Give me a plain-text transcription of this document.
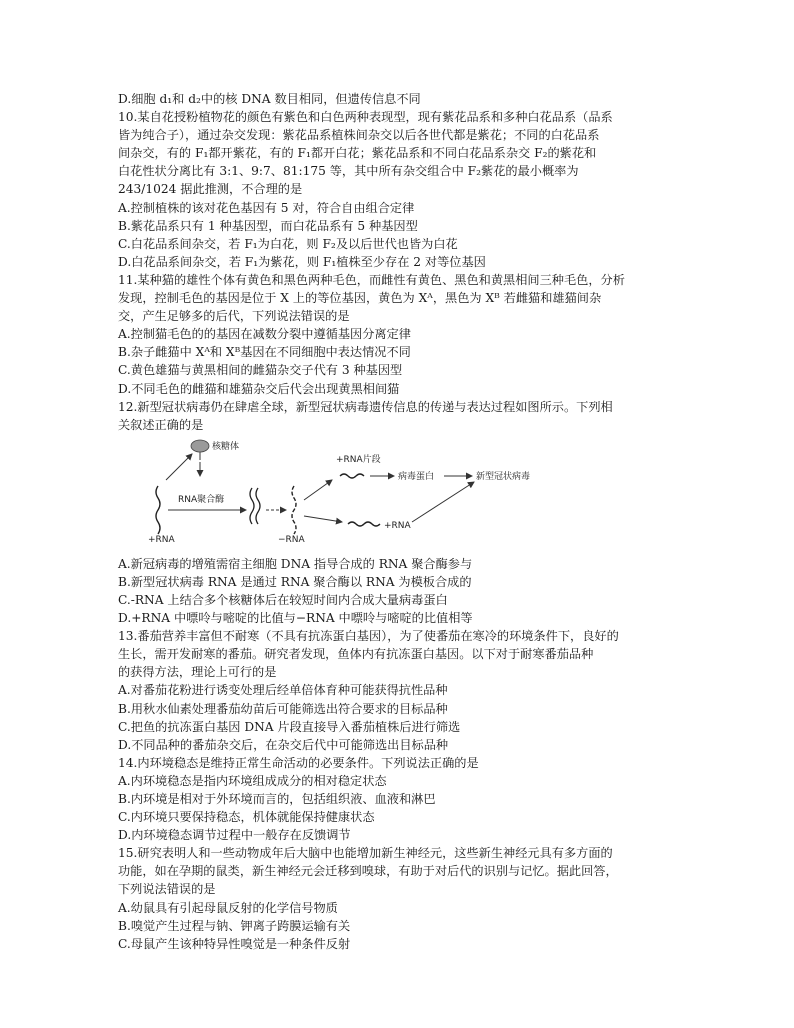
D.细胞 d₁和 d₂中的核 DNA 数目相同，但遗传信息不同
10.某自花授粉植物花的颜色有紫色和白色两种表现型，现有紫花品系和多种白花品系（品系
皆为纯合子），通过杂交发现：紫花品系植株间杂交以后各世代都是紫花；不同的白花品系
间杂交，有的 F₁都开紫花，有的 F₁都开白花；紫花品系和不同白花品系杂交 F₂的紫花和
白花性状分离比有 3:1、9:7、81:175 等，其中所有杂交组合中 F₂紫花的最小概率为
243/1024 据此推测，不合理的是
A.控制植株的该对花色基因有 5 对，符合自由组合定律
B.紫花品系只有 1 种基因型，而白花品系有 5 种基因型
C.白花品系间杂交，若 F₁为白花，则 F₂及以后世代也皆为白花
D.白花品系间杂交，若 F₁为紫花，则 F₁植株至少存在 2 对等位基因
11.某种猫的雄性个体有黄色和黑色两种毛色，而雌性有黄色、黑色和黄黑相间三种毛色，分析
发现，控制毛色的基因是位于 X 上的等位基因，黄色为 Xᴬ，黑色为 Xᴮ 若雌猫和雄猫间杂
交，产生足够多的后代，下列说法错误的是
A.控制猫毛色的的基因在减数分裂中遵循基因分离定律
B.杂子雌猫中 Xᴬ和 Xᴮ基因在不同细胞中表达情况不同
C.黄色雄猫与黄黑相间的雌猫杂交子代有 3 种基因型
D.不同毛色的雌猫和雄猫杂交后代会出现黄黑相间猫
12.新型冠状病毒仍在肆虐全球，新型冠状病毒遗传信息的传递与表达过程如图所示。下列相
关叙述正确的是
核糖体
+RNA
RNA聚合酶
−RNA
+RNA片段
病毒蛋白
+RNA
新型冠状病毒
A.新冠病毒的增殖需宿主细胞 DNA 指导合成的 RNA 聚合酶参与
B.新型冠状病毒 RNA 是通过 RNA 聚合酶以 RNA 为模板合成的
C.-RNA 上结合多个核糖体后在较短时间内合成大量病毒蛋白
D.+RNA 中嘌呤与嘧啶的比值与−RNA 中嘌呤与嘧啶的比值相等
13.番茄营养丰富但不耐寒（不具有抗冻蛋白基因），为了使番茄在寒冷的环境条件下，良好的
生长，需开发耐寒的番茄。研究者发现，鱼体内有抗冻蛋白基因。以下对于耐寒番茄品种
的获得方法，理论上可行的是
A.对番茄花粉进行诱变处理后经单倍体育种可能获得抗性品种
B.用秋水仙素处理番茄幼苗后可能筛选出符合要求的目标品种
C.把鱼的抗冻蛋白基因 DNA 片段直接导入番茄植株后进行筛选
D.不同品种的番茄杂交后，在杂交后代中可能筛选出目标品种
14.内环境稳态是维持正常生命活动的必要条件。下列说法正确的是
A.内环境稳态是指内环境组成成分的相对稳定状态
B.内环境是相对于外环境而言的，包括组织液、血液和淋巴
C.内环境只要保持稳态，机体就能保持健康状态
D.内环境稳态调节过程中一般存在反馈调节
15.研究表明人和一些动物成年后大脑中也能增加新生神经元，这些新生神经元具有多方面的
功能，如在孕期的鼠类，新生神经元会迁移到嗅球，有助于对后代的识别与记忆。据此回答，
下列说法错误的是
A.幼鼠具有引起母鼠反射的化学信号物质
B.嗅觉产生过程与钠、钾离子跨膜运输有关
C.母鼠产生该种特异性嗅觉是一种条件反射
